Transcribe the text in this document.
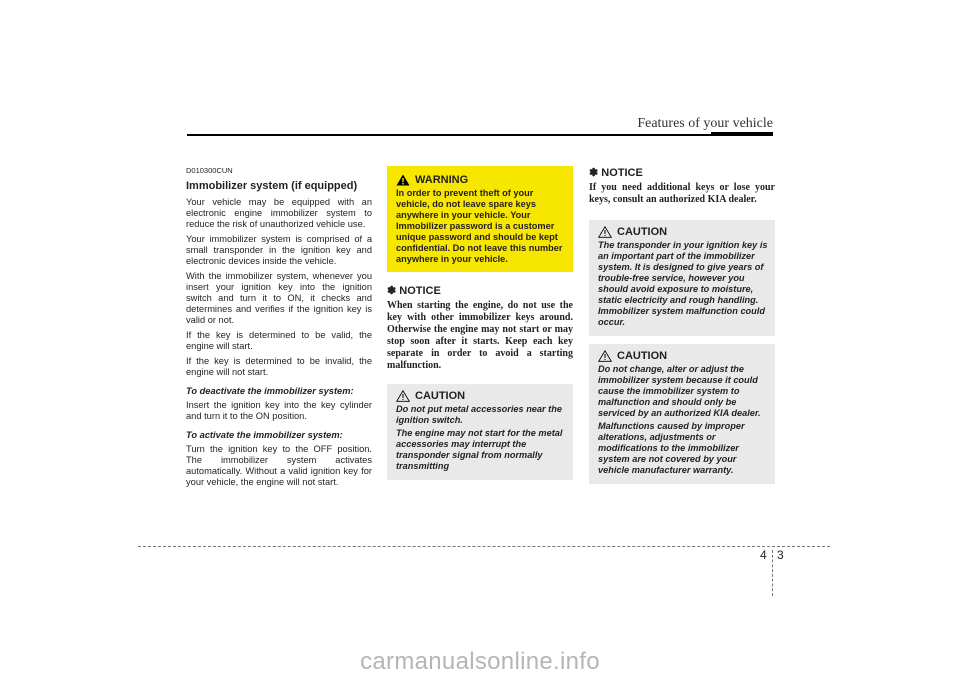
Features of your vehicle
D010300CUN
Immobilizer system (if equipped)

Your vehicle may be equipped with an electronic engine immobilizer system to reduce the risk of unauthorized vehicle use.

Your immobilizer system is comprised of a small transponder in the ignition key and electronic devices inside the vehicle.

With the immobilizer system, whenever you insert your ignition key into the ignition switch and turn it to ON, it checks and determines and verifies if the ignition key is valid or not.

If the key is determined to be valid, the engine will start.

If the key is determined to be invalid, the engine will not start.

To deactivate the immobilizer system:

Insert the ignition key into the key cylinder and turn it to the ON position.

To activate the immobilizer system:

Turn the ignition key to the OFF position. The immobilizer system activates automatically. Without a valid ignition key for your vehicle, the engine will not start.

WARNING
In order to prevent theft of your vehicle, do not leave spare keys anywhere in your vehicle. Your Immobilizer password is a customer unique password and should be kept confidential. Do not leave this number anywhere in your vehicle.
✽ NOTICE

When starting the engine, do not use the key with other immobilizer keys around. Otherwise the engine may not start or may stop soon after it starts. Keep each key separate in order to avoid a starting malfunction.

CAUTION

Do not put metal accessories near the ignition switch.

The engine may not start for the metal accessories may interrupt the transponder signal from normally transmitting

✽ NOTICE

If you need additional keys or lose your keys, consult an authorized KIA dealer.

CAUTION

The transponder in your ignition key is an important part of the immobilizer system. It is designed to give years of trouble-free service, however you should avoid exposure to moisture, static electricity and rough handling. Immobilizer system malfunction could occur.

CAUTION

Do not change, alter or adjust the immobilizer system because it could cause the immobilizer system to malfunction and should only be serviced by an authorized KIA dealer.

Malfunctions caused by improper alterations, adjustments or modifications to the immobilizer system are not covered by your vehicle manufacturer warranty.

4 3
carmanualsonline.info
